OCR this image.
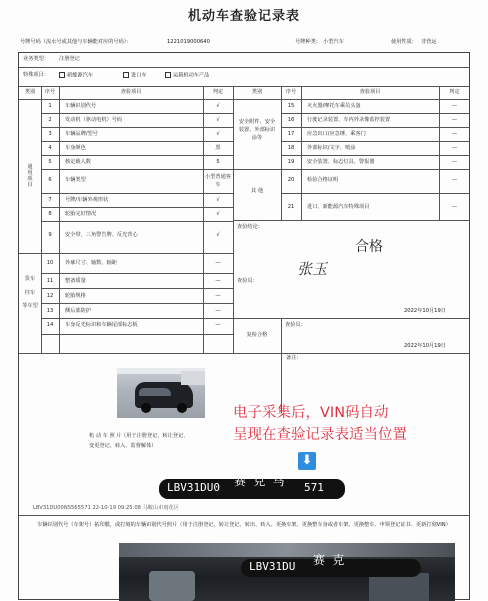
机动车查验记录表
号牌号码（流水号或其他与车辆能对应的号码）：	1221019000640	号牌种类： 小型汽车	使用性质： 非营运
业务类型： 注册登记
特殊项目：	新能源汽车	进口车	运载机动车产品
类别	序号	查验项目	判定	类别	序号	查验项目	判定
通用项目
货车
挂车
等车型
安全附件、安全装置、外部标识涂等
其 他
1	车辆识别代号	√
2	发动机（驱动电机）号码	√
3	车辆品牌/型号	√
4	车身颜色	黑
5	核定载人数	5
6	车辆类型	小型普通客车
7	号牌/车辆外观形状	√
8	轮胎完好情况	√
9	安全带、三角警告牌、反光背心	√
15	灭火器/摩托车乘员头盔	—
16	行驶记录装置、车内外录像监控装置	—
17	应急出口/应急锤、乘客门	—
18	外部标识/文字、喷涂	—
19	安全装置、标志灯具、警报器	—
20	检验合格证明	—
21	进口、新能源汽车特殊项目	—
10	外廓尺寸、轴数、轴距	—
11	整备质量	—
12	轮胎规格	—
13	侧后部防护	—
14	车身反光标识和车辆尾部标志板	—
查验结论：
合格
查验员：
张玉
2022年10月19日
复检合格
查验员：
2022年10月19日
备注：
机 动 车 照 片 （用于注册登记、转让登记、
变更登记、转入、监督解体）
电子采集后，VIN码自动
呈现在查验记录表适当位置
LBV31DU0 赛 克 马 571
LBV31DU00NS565571 22-10-19 09:25:08 马鞍山市雨花区
车辆识别代号（车架号）拓印膜，或打刻的车辆识别代号照片（用于注册登记、转让登记、转出、转入、更换车架、更换整车身或者车架、更换整车、申领登记证书、更新打刻VIN）
LBV31DU 赛 克
⬇
